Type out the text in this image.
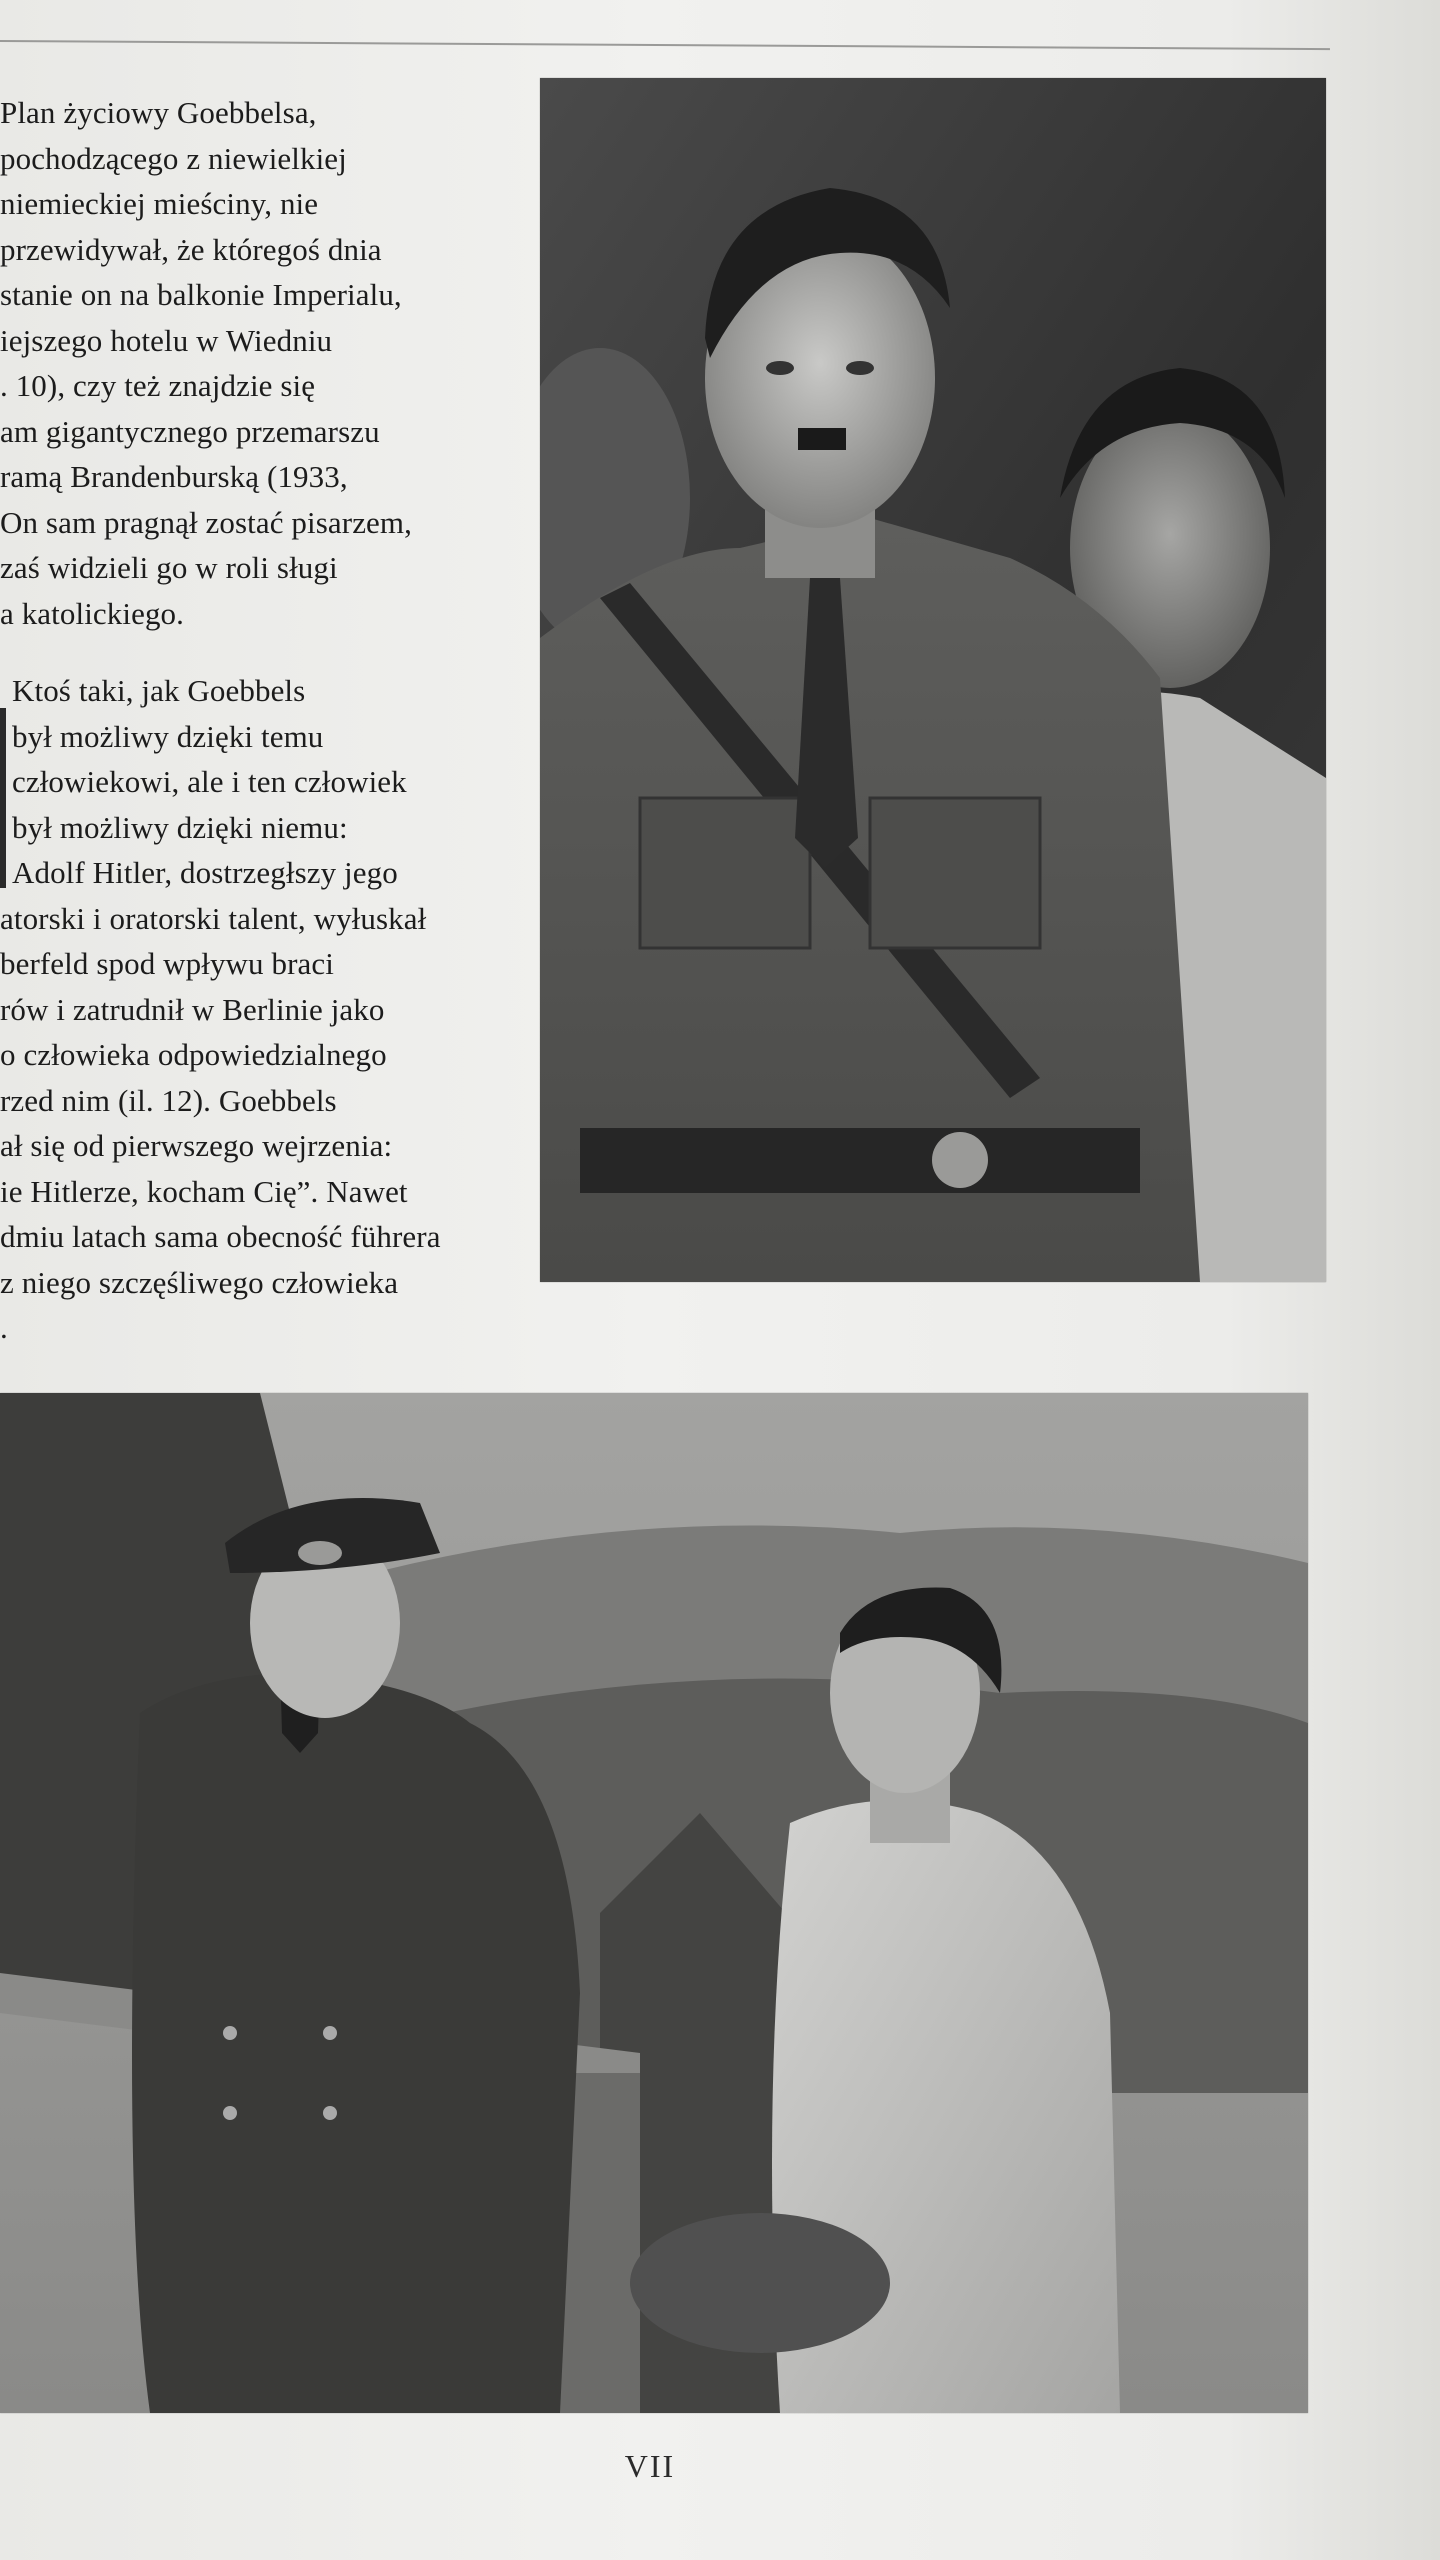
Plan życiowy Goebbelsa,
pochodzącego z niewielkiej
niemieckiej mieściny, nie
przewidywał, że któregoś dnia
stanie on na balkonie Imperialu,
iejszego hotelu w Wiedniu
. 10), czy też znajdzie się
am gigantycznego przemarszu
ramą Brandenburską (1933,
On sam pragnął zostać pisarzem,
zaś widzieli go w roli sługi
a katolickiego.
Ktoś taki, jak Goebbels
był możliwy dzięki temu
człowiekowi, ale i ten człowiek
był możliwy dzięki niemu:
Adolf Hitler, dostrzegłszy jego
atorski i oratorski talent, wyłuskał
berfeld spod wpływu braci
rów i zatrudnił w Berlinie jako
o człowieka odpowiedzialnego
rzed nim (il. 12). Goebbels
ał się od pierwszego wejrzenia:
ie Hitlerze, kocham Cię”. Nawet
dmiu latach sama obecność führera
z niego szczęśliwego człowieka
.
VII
